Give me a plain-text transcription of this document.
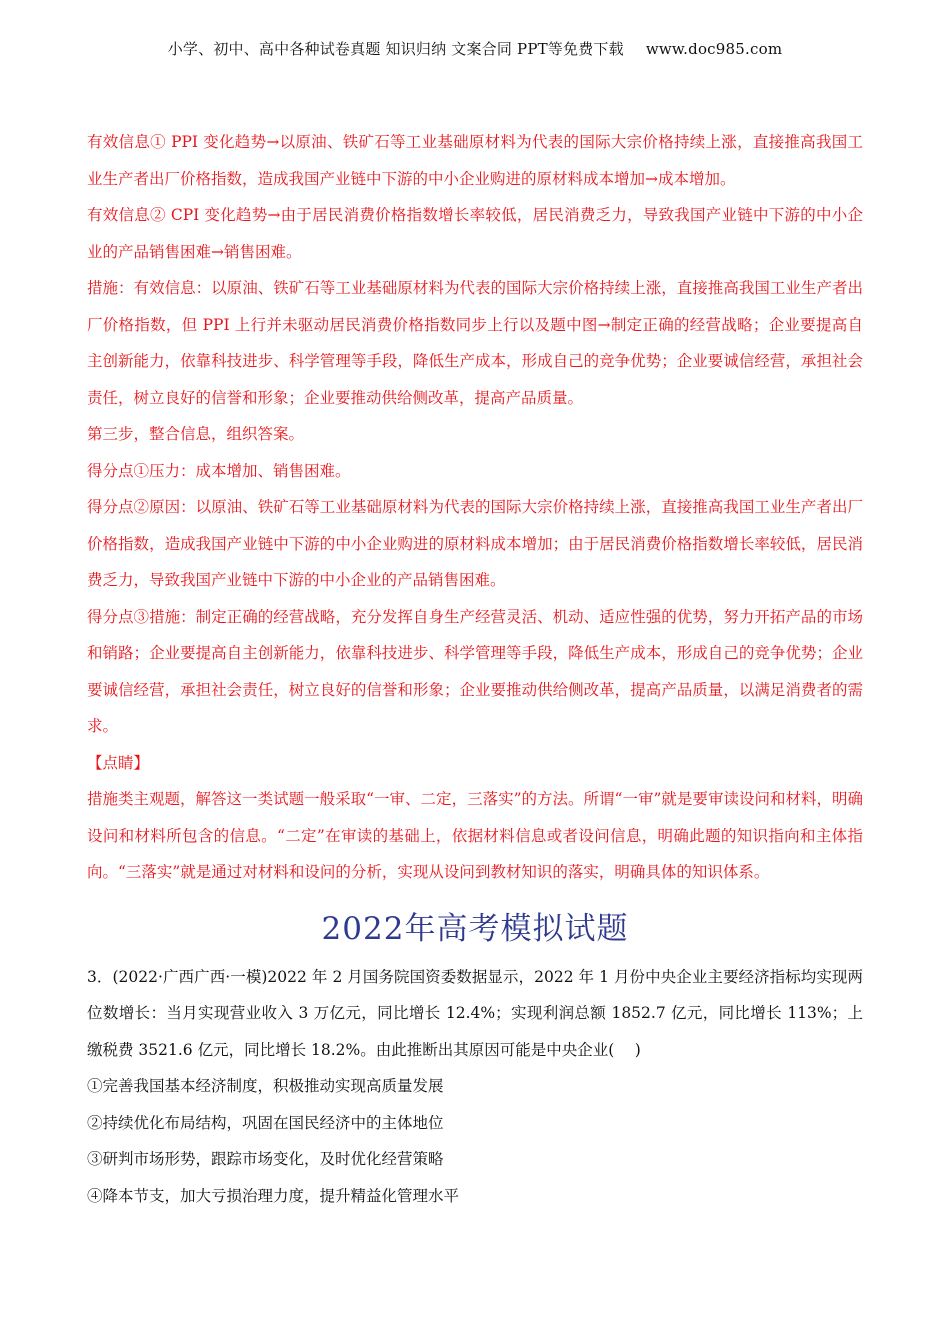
小学、初中、高中各种试卷真题 知识归纳 文案合同 PPT等免费下载 www.doc985.com

有效信息① PPI 变化趋势→以原油、铁矿石等工业基础原材料为代表的国际大宗价格持续上涨，直接推高我国工业生产者出厂价格指数，造成我国产业链中下游的中小企业购进的原材料成本增加→成本增加。

有效信息② CPI 变化趋势→由于居民消费价格指数增长率较低，居民消费乏力，导致我国产业链中下游的中小企业的产品销售困难→销售困难。

措施：有效信息：以原油、铁矿石等工业基础原材料为代表的国际大宗价格持续上涨，直接推高我国工业生产者出厂价格指数，但 PPI 上行并未驱动居民消费价格指数同步上行以及题中图→制定正确的经营战略；企业要提高自主创新能力，依靠科技进步、科学管理等手段，降低生产成本，形成自己的竞争优势；企业要诚信经营，承担社会责任，树立良好的信誉和形象；企业要推动供给侧改革，提高产品质量。

第三步，整合信息，组织答案。

得分点①压力：成本增加、销售困难。

得分点②原因：以原油、铁矿石等工业基础原材料为代表的国际大宗价格持续上涨，直接推高我国工业生产者出厂价格指数，造成我国产业链中下游的中小企业购进的原材料成本增加；由于居民消费价格指数增长率较低，居民消费乏力，导致我国产业链中下游的中小企业的产品销售困难。

得分点③措施：制定正确的经营战略，充分发挥自身生产经营灵活、机动、适应性强的优势，努力开拓产品的市场和销路；企业要提高自主创新能力，依靠科技进步、科学管理等手段，降低生产成本，形成自己的竞争优势；企业要诚信经营，承担社会责任，树立良好的信誉和形象；企业要推动供给侧改革，提高产品质量，以满足消费者的需求。

【点睛】

措施类主观题，解答这一类试题一般采取“一审、二定，三落实”的方法。所谓“一审”就是要审读设问和材料，明确设问和材料所包含的信息。“二定”在审读的基础上，依据材料信息或者设问信息，明确此题的知识指向和主体指向。“三落实”就是通过对材料和设问的分析，实现从设问到教材知识的落实，明确具体的知识体系。

2022年高考模拟试题

3．(2022·广西广西·一模)2022 年 2 月国务院国资委数据显示，2022 年 1 月份中央企业主要经济指标均实现两位数增长：当月实现营业收入 3 万亿元，同比增长 12.4%；实现利润总额 1852.7 亿元，同比增长 113%；上缴税费 3521.6 亿元，同比增长 18.2%。由此推断出其原因可能是中央企业(　 )

①完善我国基本经济制度，积极推动实现高质量发展

②持续优化布局结构，巩固在国民经济中的主体地位

③研判市场形势，跟踪市场变化，及时优化经营策略

④降本节支，加大亏损治理力度，提升精益化管理水平
